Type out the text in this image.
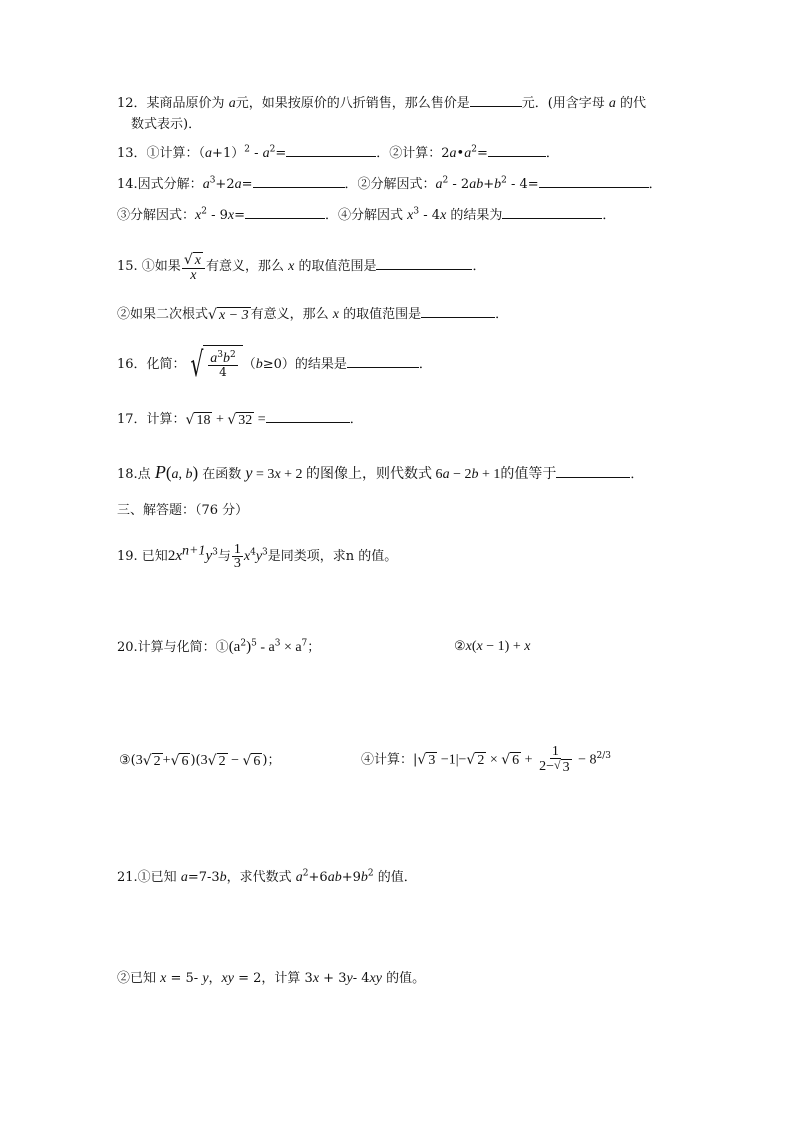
12．某商品原价为 a元，如果按原价的八折销售，那么售价是	元．(用含字母 a 的代
数式表示)．
13．①计算：$(a+1)^2 - a^2=$	．②计算：$2a•a^2=$	．
14.因式分解：$a^3+2a=$	．②分解因式：$a^2 - 2ab+b^2 - 4=$	．
③分解因式：$x^2 - 9x=$	．④分解因式 $x^3 - 4x$ 的结果为	．
15. ①如果 $\frac{√ x}{x}$ 有意义，那么 x 的取值范围是	．
②如果二次根式 √ x − 3 有意义，那么 x 的取值范围是	．
16．化简： √ $\frac{a^3b^2}{4} (b\ge 0)$的结果是	．
17．计算： √ 18 + √ 32 =	．
18.点 P(a, b) 在函数 y = 3x + 2 的图像上，则代数式 6a − 2b + 1的值等于	．
三、解答题：（76 分）
19. 已知$2x^{n+1}y^3$与 $\frac{1}{3} x^4y^3$是同类项，求n 的值。
20.计算与化简：$①(a^2)^5 - a^3 \times a^7$；	②x(x − 1) + x
③(3 √ 2 + √ 6 )(3 √ 2 − √ 6 )；	④计算：| √ 3 −1|− √ 2 × √ $6 + \frac{1}{2- √ 3} - 8^{2/3}$
21.①已知 a=7-3b，求代数式 $a^2+6ab+9b^2$ 的值．
②已知 x = 5- y，xy = 2，计算 3x + 3y- 4xy 的值。
